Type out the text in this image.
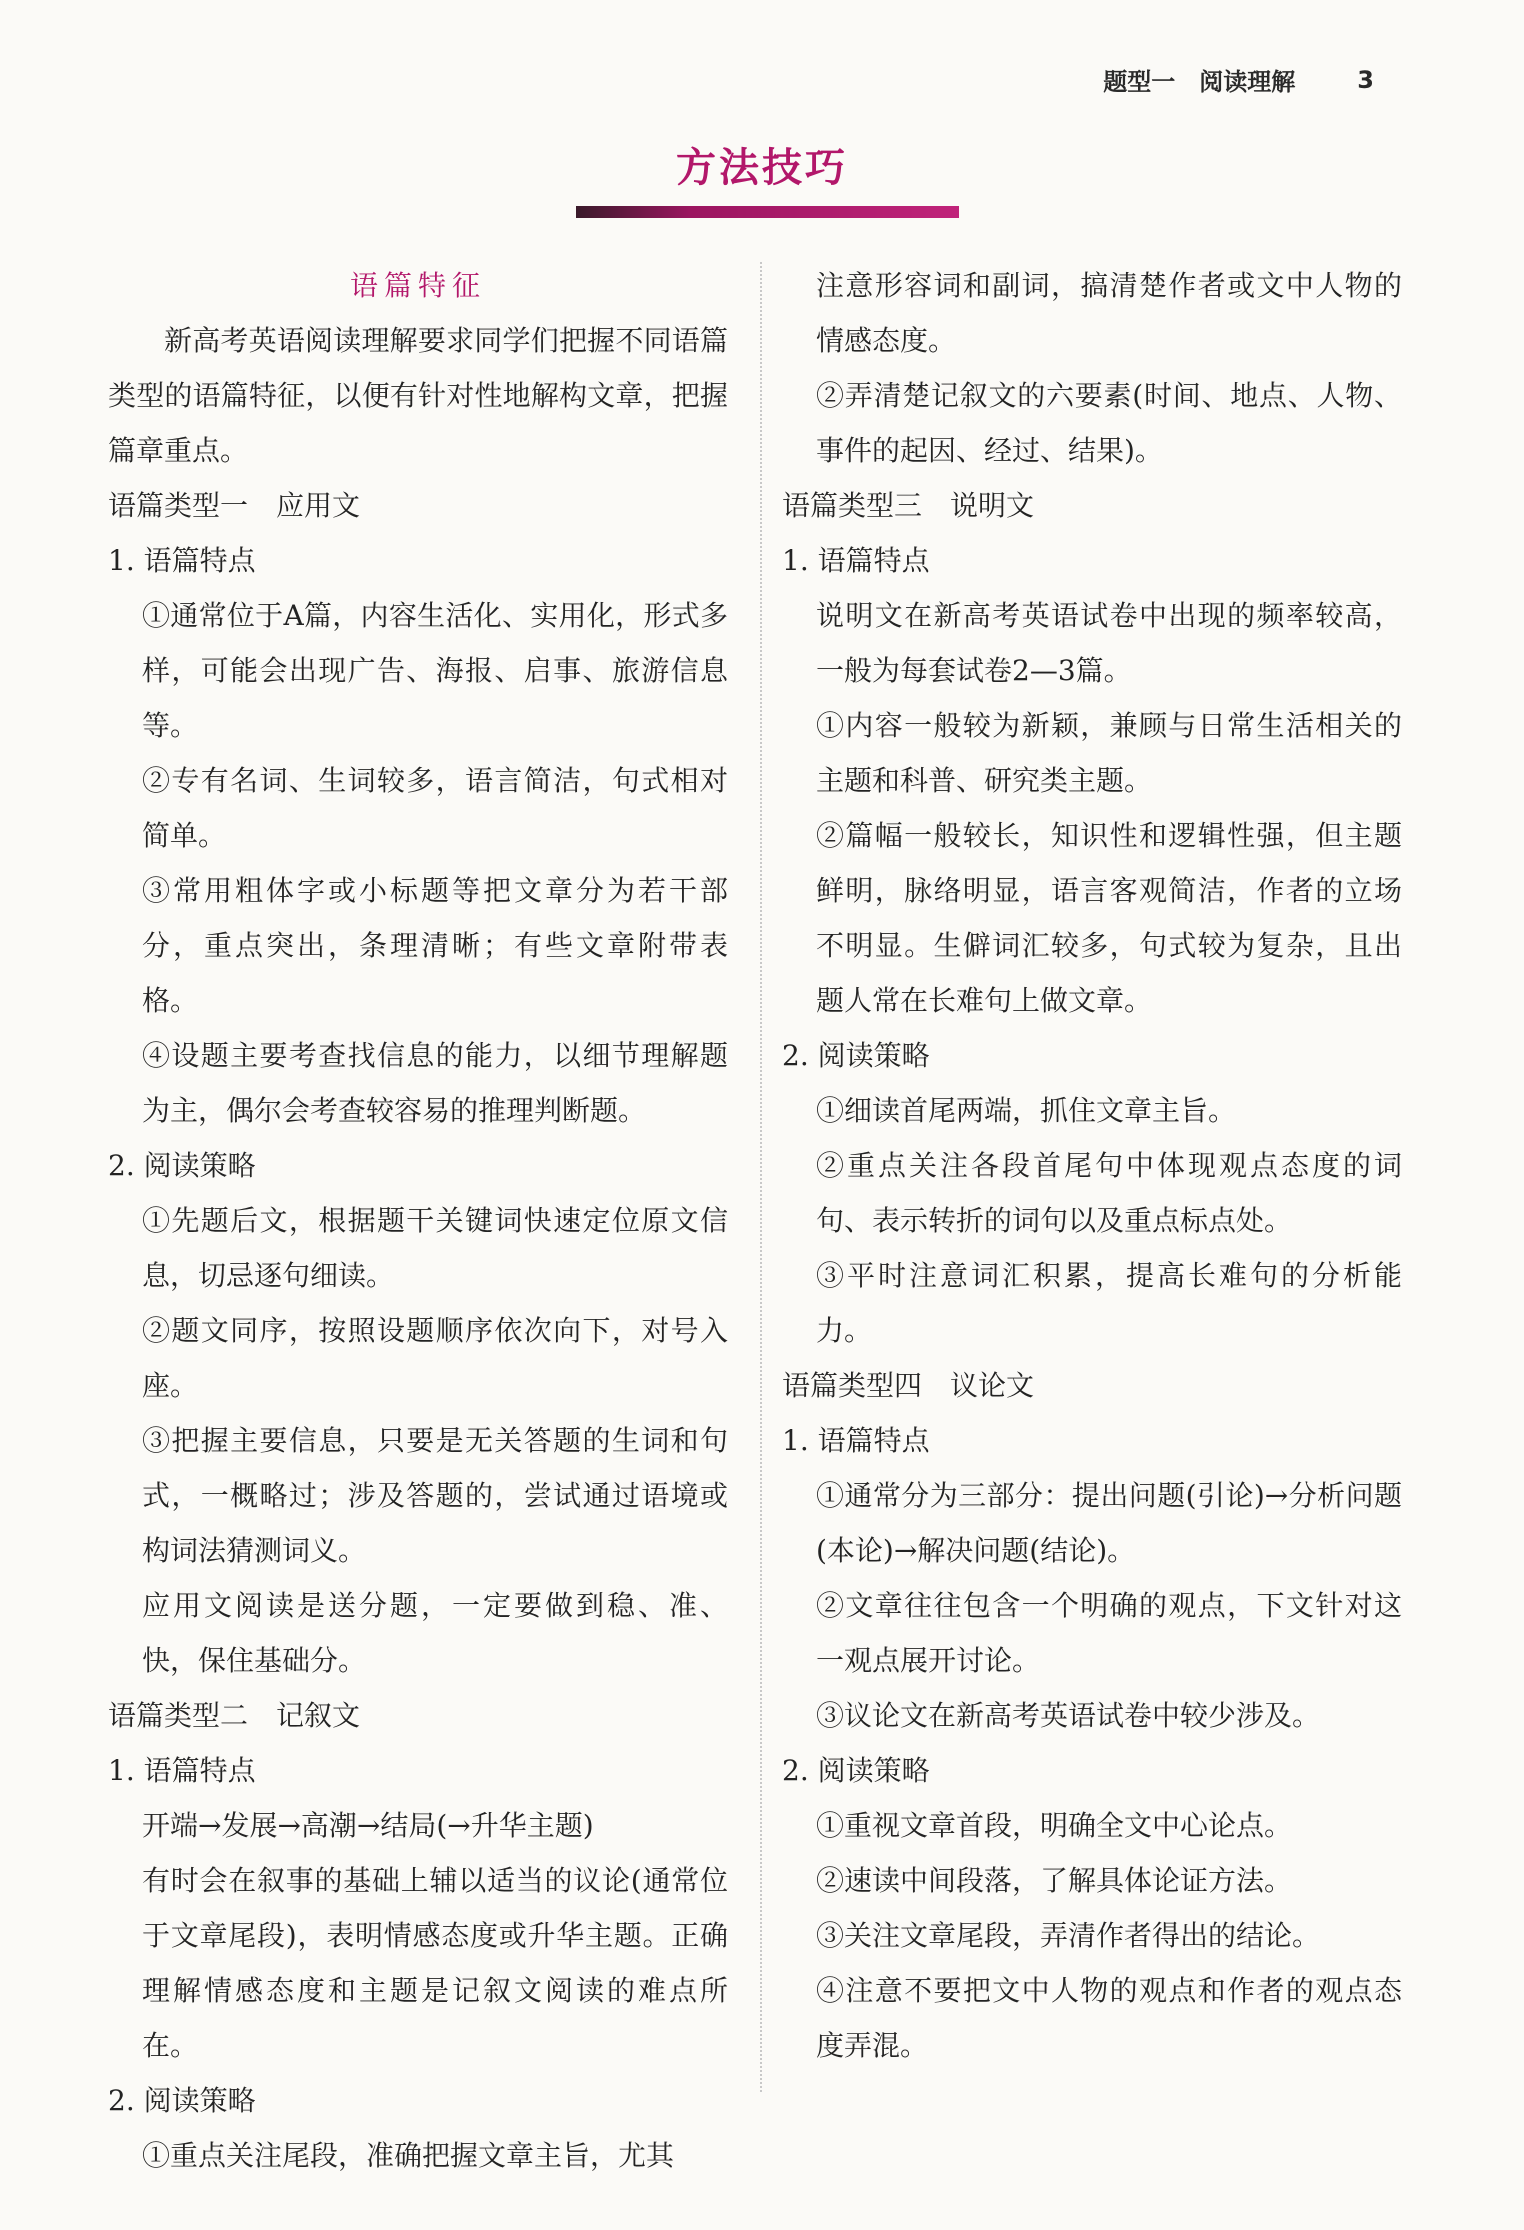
题型一　阅读理解	3
方法技巧
语篇特征
新高考英语阅读理解要求同学们把握不同语篇类型的语篇特征，以便有针对性地解构文章，把握篇章重点。
语篇类型一　应用文
1. 语篇特点
①通常位于A篇，内容生活化、实用化，形式多样，可能会出现广告、海报、启事、旅游信息等。
②专有名词、生词较多，语言简洁，句式相对简单。
③常用粗体字或小标题等把文章分为若干部分，重点突出，条理清晰；有些文章附带表格。
④设题主要考查找信息的能力，以细节理解题为主，偶尔会考查较容易的推理判断题。
2. 阅读策略
①先题后文，根据题干关键词快速定位原文信息，切忌逐句细读。
②题文同序，按照设题顺序依次向下，对号入座。
③把握主要信息，只要是无关答题的生词和句式，一概略过；涉及答题的，尝试通过语境或构词法猜测词义。
应用文阅读是送分题，一定要做到稳、准、快，保住基础分。
语篇类型二　记叙文
1. 语篇特点
开端→发展→高潮→结局(→升华主题)
有时会在叙事的基础上辅以适当的议论(通常位于文章尾段)，表明情感态度或升华主题。正确理解情感态度和主题是记叙文阅读的难点所在。
2. 阅读策略
①重点关注尾段，准确把握文章主旨，尤其
注意形容词和副词，搞清楚作者或文中人物的情感态度。
②弄清楚记叙文的六要素(时间、地点、人物、事件的起因、经过、结果)。
语篇类型三　说明文
1. 语篇特点
说明文在新高考英语试卷中出现的频率较高，一般为每套试卷2—3篇。
①内容一般较为新颖，兼顾与日常生活相关的主题和科普、研究类主题。
②篇幅一般较长，知识性和逻辑性强，但主题鲜明，脉络明显，语言客观简洁，作者的立场不明显。生僻词汇较多，句式较为复杂，且出题人常在长难句上做文章。
2. 阅读策略
①细读首尾两端，抓住文章主旨。
②重点关注各段首尾句中体现观点态度的词句、表示转折的词句以及重点标点处。
③平时注意词汇积累，提高长难句的分析能力。
语篇类型四　议论文
1. 语篇特点
①通常分为三部分：提出问题(引论)→分析问题(本论)→解决问题(结论)。
②文章往往包含一个明确的观点，下文针对这一观点展开讨论。
③议论文在新高考英语试卷中较少涉及。
2. 阅读策略
①重视文章首段，明确全文中心论点。
②速读中间段落，了解具体论证方法。
③关注文章尾段，弄清作者得出的结论。
④注意不要把文中人物的观点和作者的观点态度弄混。
